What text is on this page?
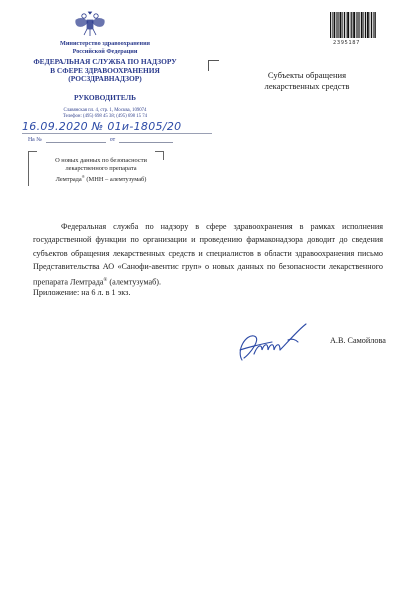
Министерство здравоохранения
Российской Федерации
ФЕДЕРАЛЬНАЯ СЛУЖБА ПО НАДЗОРУ
В СФЕРЕ ЗДРАВООХРАНЕНИЯ
(РОСЗДРАВНАДЗОР)
РУКОВОДИТЕЛЬ
Славянская пл. 4, стр. 1, Москва, 109074
Телефон: (495) 698 45 38; (495) 698 15 74
16.09.2020 № 01и-1805/20
На №	от
О новых данных по безопасности
лекарственного препарата
Лемтрада® (МНН – алемтузумаб)
Субъекты обращения
лекарственных средств
2395187
Федеральная служба по надзору в сфере здравоохранения в рамках исполнения государственной функции по организации и проведению фармаконадзора доводит до сведения субъектов обращения лекарственных средств и специалистов в области здравоохранения письмо Представительства АО «Санофи-авентис груп» о новых данных по безопасности лекарственного препарата Лемтрада® (алемтузумаб).
Приложение: на 6 л. в 1 экз.
А.В. Самойлова
